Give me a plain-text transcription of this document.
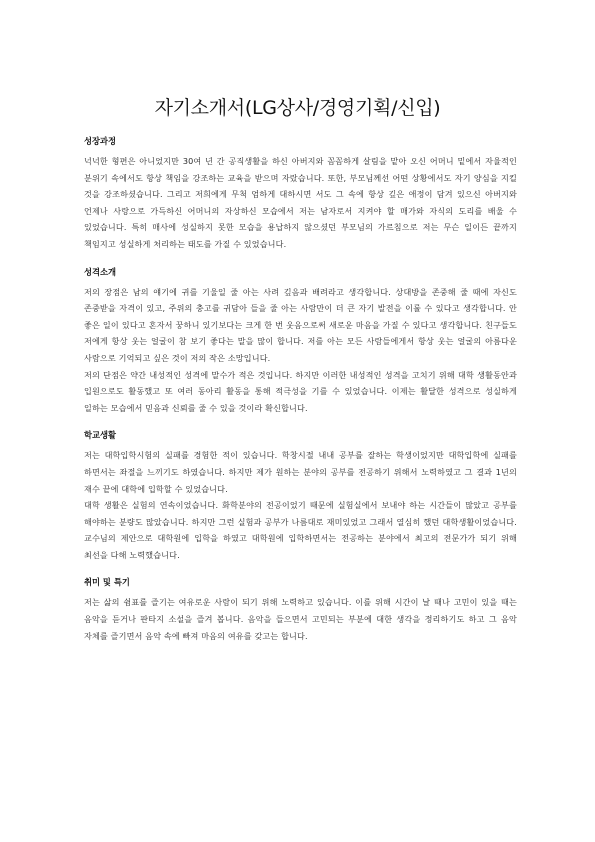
자기소개서(LG상사/경영기획/신입)
성장과정

넉넉한 형편은 아니었지만 30여 년 간 공직생활을 하신 아버지와 꼼꼼하게 살림을 맡아 오신 어머니 밑에서 자율적인 분위기 속에서도 항상 책임을 강조하는 교육을 받으며 자랐습니다. 또한, 부모님께선 어떤 상황에서도 자기 양심을 지킬 것을 강조하셨습니다. 그리고 저희에게 무척 엄하게 대하시면 서도 그 속에 항상 깊은 애정이 담겨 있으신 아버지와 언제나 사랑으로 가득하신 어머니의 자상하신 모습에서 저는 남자로서 지켜야 할 매가와 자식의 도리를 배울 수 있었습니다. 특히 매사에 성실하지 못한 모습을 용납하지 않으셨던 부모님의 가르침으로 저는 무슨 일이든 끝까지 책임지고 성실하게 처리하는 태도를 가질 수 있었습니다.

성격소개

저의 장점은 남의 얘기에 귀를 기울일 줄 아는 사려 깊음과 배려라고 생각합니다. 상대방을 존중해 줄 때에 자신도 존중받을 자격이 있고, 주위의 충고를 귀담아 들을 줄 아는 사람만이 더 큰 자기 발전을 이룰 수 있다고 생각합니다. 안 좋은 일이 있다고 혼자서 꿍하니 있기보다는 크게 한 번 웃음으로써 새로운 마음을 가질 수 있다고 생각합니다. 친구들도 저에게 항상 웃는 얼굴이 참 보기 좋다는 말을 많이 합니다. 저를 아는 모든 사람들에게서 항상 웃는 얼굴의 아름다운 사람으로 기억되고 싶은 것이 저의 작은 소망입니다.

저의 단점은 약간 내성적인 성격에 말수가 적은 것입니다. 하지만 이러한 내성적인 성격을 고치기 위해 대학 생활동안과 입원으로도 활동했고 또 여러 동아리 활동을 통해 적극성을 기를 수 있었습니다. 이제는 활달한 성격으로 성실하게 일하는 모습에서 믿음과 신뢰를 줄 수 있을 것이라 확신합니다.

학교생활

저는 대학입학시험의 실패를 경험한 적이 있습니다. 학창시절 내내 공부를 잘하는 학생이었지만 대학입학에 실패를 하면서는 좌절을 느끼기도 하였습니다. 하지만 제가 원하는 분야의 공부를 전공하기 위해서 노력하였고 그 결과 1년의 재수 끝에 대학에 입학할 수 있었습니다.

대학 생활은 실험의 연속이었습니다. 화학분야의 전공이었기 때문에 실험실에서 보내야 하는 시간들이 많았고 공부를 해야하는 분량도 많았습니다. 하지만 그런 실험과 공부가 나름대로 재미있었고 그래서 열심히 했던 대학생활이었습니다. 교수님의 제안으로 대학원에 입학을 하였고 대학원에 입학하면서는 전공하는 분야에서 최고의 전문가가 되기 위해 최선을 다해 노력했습니다.

취미 및 특기

저는 삶의 쉼표를 즐기는 여유로운 사람이 되기 위해 노력하고 있습니다. 이를 위해 시간이 날 때나 고민이 있을 때는 음악을 듣거나 판타지 소설을 즐겨 봅니다. 음악을 들으면서 고민되는 부분에 대한 생각을 정리하기도 하고 그 음악 자체를 즐기면서 음악 속에 빠져 마음의 여유를 갖고는 합니다.
